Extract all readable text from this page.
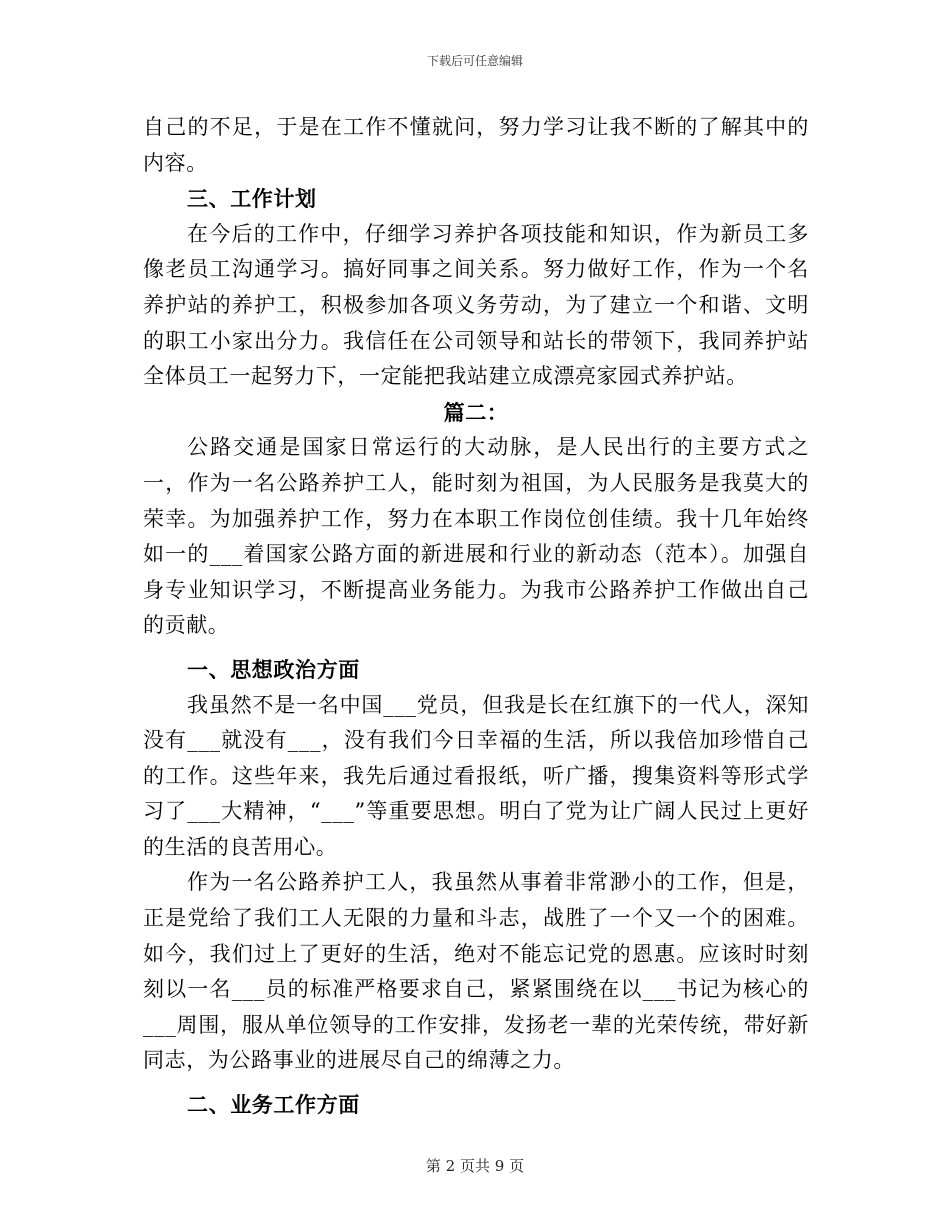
下载后可任意编辑

自己的不足，于是在工作不懂就问，努力学习让我不断的了解其中的内容。

三、工作计划

在今后的工作中，仔细学习养护各项技能和知识，作为新员工多像老员工沟通学习。搞好同事之间关系。努力做好工作，作为一个名养护站的养护工，积极参加各项义务劳动，为了建立一个和谐、文明的职工小家出分力。我信任在公司领导和站长的带领下，我同养护站全体员工一起努力下，一定能把我站建立成漂亮家园式养护站。

篇二：

公路交通是国家日常运行的大动脉，是人民出行的主要方式之一，作为一名公路养护工人，能时刻为祖国，为人民服务是我莫大的荣幸。为加强养护工作，努力在本职工作岗位创佳绩。我十几年始终如一的___着国家公路方面的新进展和行业的新动态（范本）。加强自身专业知识学习，不断提高业务能力。为我市公路养护工作做出自己的贡献。

一、思想政治方面

我虽然不是一名中国___党员，但我是长在红旗下的一代人，深知没有___就没有___，没有我们今日幸福的生活，所以我倍加珍惜自己的工作。这些年来，我先后通过看报纸，听广播，搜集资料等形式学习了___大精神，“___”等重要思想。明白了党为让广阔人民过上更好的生活的良苦用心。

作为一名公路养护工人，我虽然从事着非常渺小的工作，但是，正是党给了我们工人无限的力量和斗志，战胜了一个又一个的困难。如今，我们过上了更好的生活，绝对不能忘记党的恩惠。应该时时刻刻以一名___员的标准严格要求自己，紧紧围绕在以___书记为核心的___周围，服从单位领导的工作安排，发扬老一辈的光荣传统，带好新同志，为公路事业的进展尽自己的绵薄之力。

二、业务工作方面

第 2 页共 9 页
